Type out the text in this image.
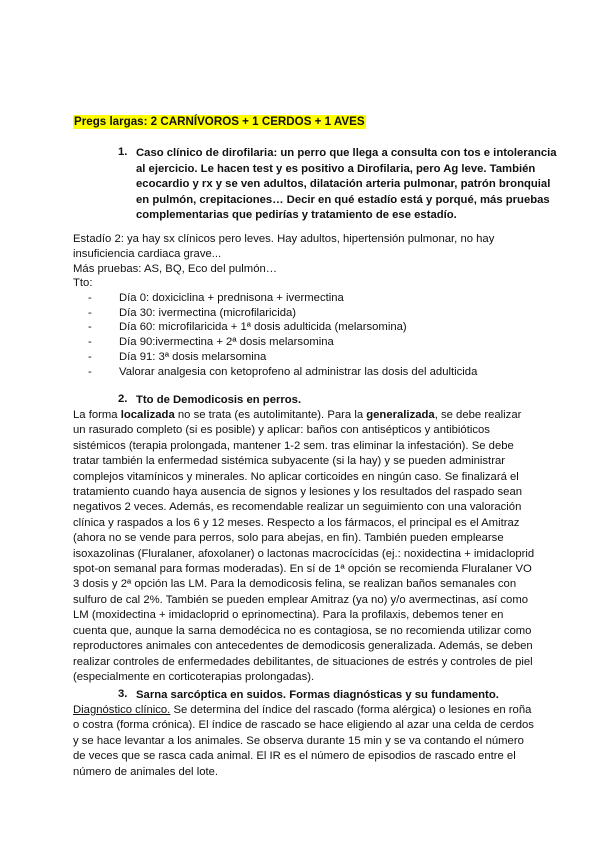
Pregs largas: 2 CARNÍVOROS + 1 CERDOS + 1 AVES
1. Caso clínico de dirofilaria: un perro que llega a consulta con tos e intolerancia
al ejercicio. Le hacen test y es positivo a Dirofilaria, pero Ag leve. También
ecocardio y rx y se ven adultos, dilatación arteria pulmonar, patrón bronquial
en pulmón, crepitaciones… Decir en qué estadío está y porqué, más pruebas
complementarias que pedirías y tratamiento de ese estadío.
Estadío 2: ya hay sx clínicos pero leves. Hay adultos, hipertensión pulmonar, no hay
insuficiencia cardiaca grave...
Más pruebas: AS, BQ, Eco del pulmón…
Tto:
- Día 0: doxiciclina + prednisona + ivermectina
- Día 30: ivermectina (microfilaricida)
- Día 60: microfilaricida + 1ª dosis adulticida (melarsomina)
- Día 90:ivermectina + 2ª dosis melarsomina
- Día 91: 3ª dosis melarsomina
- Valorar analgesia con ketoprofeno al administrar las dosis del adulticida
2. Tto de Demodicosis en perros.
La forma localizada no se trata (es autolimitante). Para la generalizada, se debe realizar
un rasurado completo (si es posible) y aplicar: baños con antisépticos y antibióticos
sistémicos (terapia prolongada, mantener 1-2 sem. tras eliminar la infestación). Se debe
tratar también la enfermedad sistémica subyacente (si la hay) y se pueden administrar
complejos vitamínicos y minerales. No aplicar corticoides en ningún caso. Se finalizará el
tratamiento cuando haya ausencia de signos y lesiones y los resultados del raspado sean
negativos 2 veces. Además, es recomendable realizar un seguimiento con una valoración
clínica y raspados a los 6 y 12 meses. Respecto a los fármacos, el principal es el Amitraz
(ahora no se vende para perros, solo para abejas, en fin). También pueden emplearse
isoxazolinas (Fluralaner, afoxolaner) o lactonas macrocícidas (ej.: noxidectina + imidacloprid
spot-on semanal para formas moderadas). En sí de 1ª opción se recomienda Fluralaner VO
3 dosis y 2ª opción las LM. Para la demodicosis felina, se realizan baños semanales con
sulfuro de cal 2%. También se pueden emplear Amitraz (ya no) y/o avermectinas, así como
LM (moxidectina + imidacloprid o eprinomectina). Para la profilaxis, debemos tener en
cuenta que, aunque la sarna demodécica no es contagiosa, se no recomienda utilizar como
reproductores animales con antecedentes de demodicosis generalizada. Además, se deben
realizar controles de enfermedades debilitantes, de situaciones de estrés y controles de piel
(especialmente en corticoterapias prolongadas).
3. Sarna sarcóptica en suidos. Formas diagnósticas y su fundamento.
Diagnóstico clínico. Se determina del índice del rascado (forma alérgica) o lesiones en roña
o costra (forma crónica). El índice de rascado se hace eligiendo al azar una celda de cerdos
y se hace levantar a los animales. Se observa durante 15 min y se va contando el número
de veces que se rasca cada animal. El IR es el número de episodios de rascado entre el
número de animales del lote.
